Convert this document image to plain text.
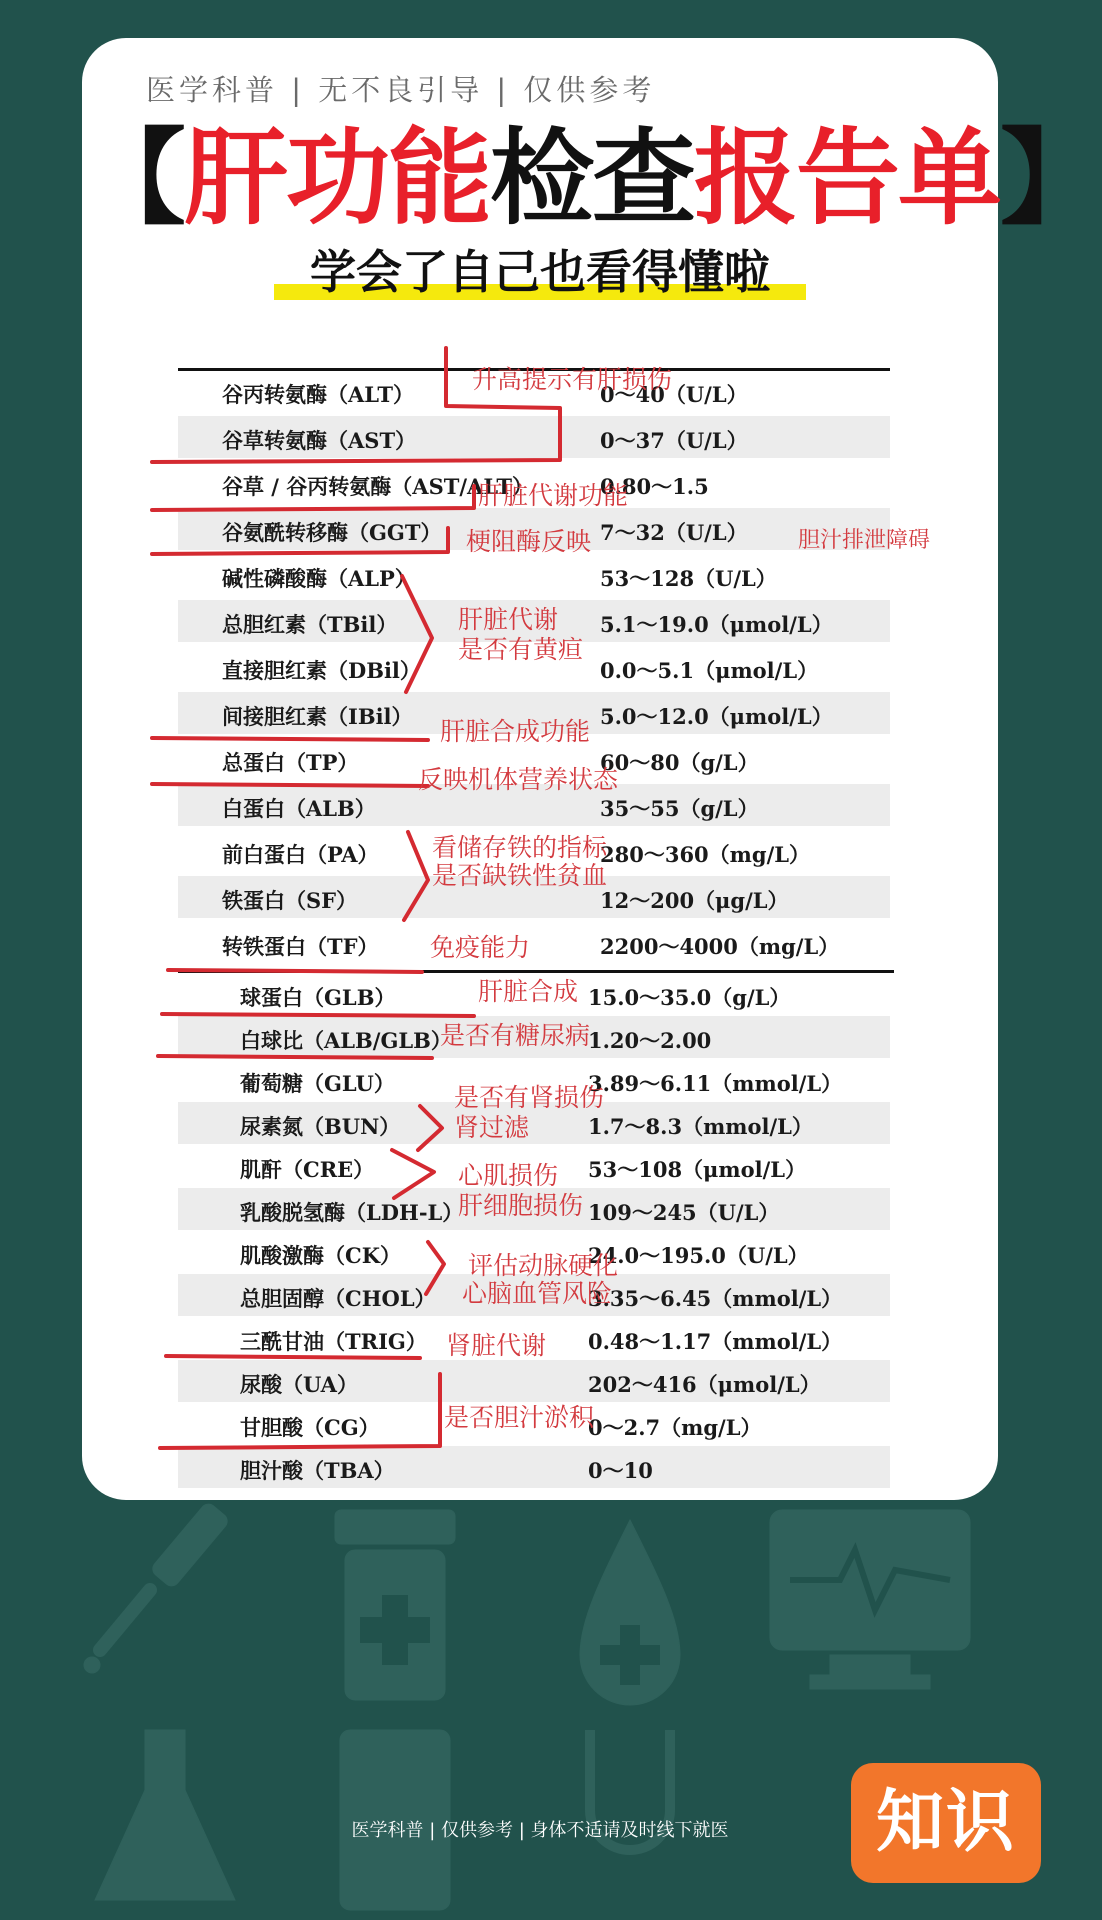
医学科普 | 无不良引导 | 仅供参考
【肝功能检查报告单】
学会了自己也看得懂啦
谷丙转氨酶（ALT）	0～40（U/L）
谷草转氨酶（AST）	0～37（U/L）
谷草 / 谷丙转氨酶（AST/ALT）	0.80～1.5
谷氨酰转移酶（GGT）	7～32（U/L）
碱性磷酸酶（ALP）	53～128（U/L）
总胆红素（TBil）	5.1～19.0（μmol/L）
直接胆红素（DBil）	0.0～5.1（μmol/L）
间接胆红素（IBil）	5.0～12.0（μmol/L）
总蛋白（TP）	60～80（g/L）
白蛋白（ALB）	35～55（g/L）
前白蛋白（PA）	280～360（mg/L）
铁蛋白（SF）	12～200（μg/L）
转铁蛋白（TF）	2200～4000（mg/L）
球蛋白（GLB）	15.0～35.0（g/L）
白球比（ALB/GLB）	1.20～2.00
葡萄糖（GLU）	3.89～6.11（mmol/L）
尿素氮（BUN）	1.7～8.3（mmol/L）
肌酐（CRE）	53～108（μmol/L）
乳酸脱氢酶（LDH-L）	109～245（U/L）
肌酸激酶（CK）	24.0～195.0（U/L）
总胆固醇（CHOL）	3.35～6.45（mmol/L）
三酰甘油（TRIG）	0.48～1.17（mmol/L）
尿酸（UA）	202～416（μmol/L）
甘胆酸（CG）	0～2.7（mg/L）
胆汁酸（TBA）	0～10
升高提示有肝损伤
肝脏代谢功能
梗阻酶反映	胆汁排泄障碍
肝脏代谢
是否有黄疸
肝脏合成功能
反映机体营养状态
看储存铁的指标
是否缺铁性贫血
免疫能力
肝脏合成
是否有糖尿病
是否有肾损伤
肾过滤
心肌损伤
肝细胞损伤
评估动脉硬化
心脑血管风险
肾脏代谢
是否胆汁淤积
医学科普 | 仅供参考 | 身体不适请及时线下就医	知识
